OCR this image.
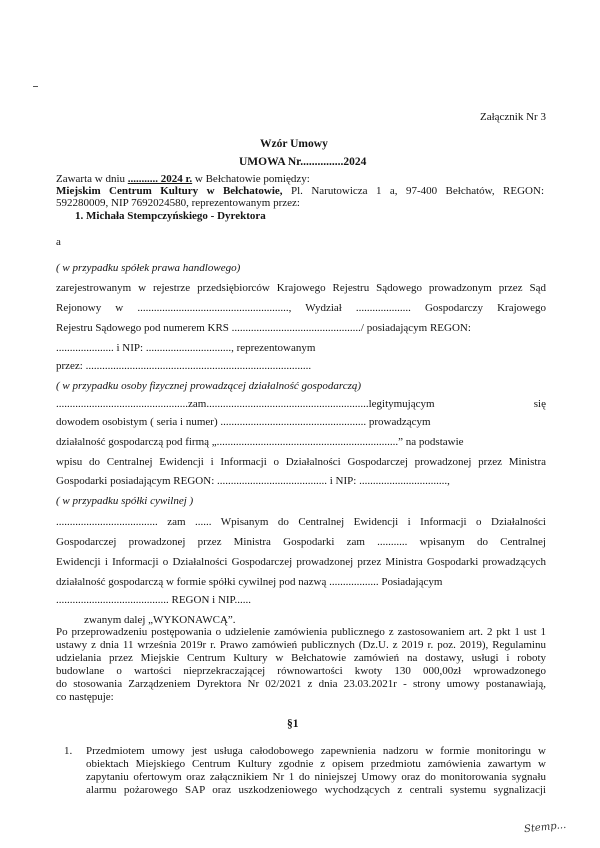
Załącznik Nr 3
Wzór Umowy
UMOWA Nr...............2024
Zawarta w dniu ........... 2024 r. w Bełchatowie pomiędzy:
Miejskim Centrum Kultury w Bełchatowie, Pl. Narutowicza 1 a, 97-400 Bełchatów, REGON:
592280009, NIP 7692024580, reprezentowanym przez:
1. Michała Stempczyńskiego - Dyrektora
a
( w przypadku spółek prawa handlowego)
zarejestrowanym w rejestrze przedsiębiorców Krajowego Rejestru Sądowego prowadzonym przez Sąd
Rejonowy w ......................................................., Wydział .................... Gospodarczy Krajowego
Rejestru Sądowego pod numerem KRS .............................................../ posiadającym REGON:
..................... i NIP: ..............................., reprezentowanym
przez: ..................................................................................
( w przypadku osoby fizycznej prowadzącej działalność gospodarczą)
................................................zam...........................................................legitymującym się
dowodem osobistym ( seria i numer) ..................................................... prowadzącym
działalność gospodarczą pod firmą „..................................................................” na podstawie
wpisu do Centralnej Ewidencji i Informacji o Działalności Gospodarczej prowadzonej przez Ministra
Gospodarki posiadającym REGON: ........................................ i NIP: ................................,
( w przypadku spółki cywilnej )
..................................... zam ...... Wpisanym do Centralnej Ewidencji i Informacji o Działalności
Gospodarczej prowadzonej przez Ministra Gospodarki zam ........... wpisanym do Centralnej
Ewidencji i Informacji o Działalności Gospodarczej prowadzonej przez Ministra Gospodarki prowadzących
działalność gospodarczą w formie spółki cywilnej pod nazwą .................. Posiadającym
......................................... REGON i NIP......
zwanym dalej „WYKONAWCĄ”.
Po przeprowadzeniu postępowania o udzielenie zamówienia publicznego z zastosowaniem art. 2 pkt 1 ust 1
ustawy z dnia 11 września 2019r r. Prawo zamówień publicznych (Dz.U. z 2019 r. poz. 2019), Regulaminu
udzielania przez Miejskie Centrum Kultury w Bełchatowie zamówień na dostawy, usługi i roboty
budowlane o wartości nieprzekraczającej równowartości kwoty 130 000,00zł wprowadzonego
do stosowania Zarządzeniem Dyrektora Nr 02/2021 z dnia 23.03.2021r - strony umowy postanawiają,
co następuje:
§1
1. Przedmiotem umowy jest usługa całodobowego zapewnienia nadzoru w formie monitoringu w
obiektach Miejskiego Centrum Kultury zgodnie z opisem przedmiotu zamówienia zawartym w
zapytaniu ofertowym oraz załącznikiem Nr 1 do niniejszej Umowy oraz do monitorowania sygnału
alarmu pożarowego SAP oraz uszkodzeniowego wychodzących z centrali systemu sygnalizacji
Stemp...
